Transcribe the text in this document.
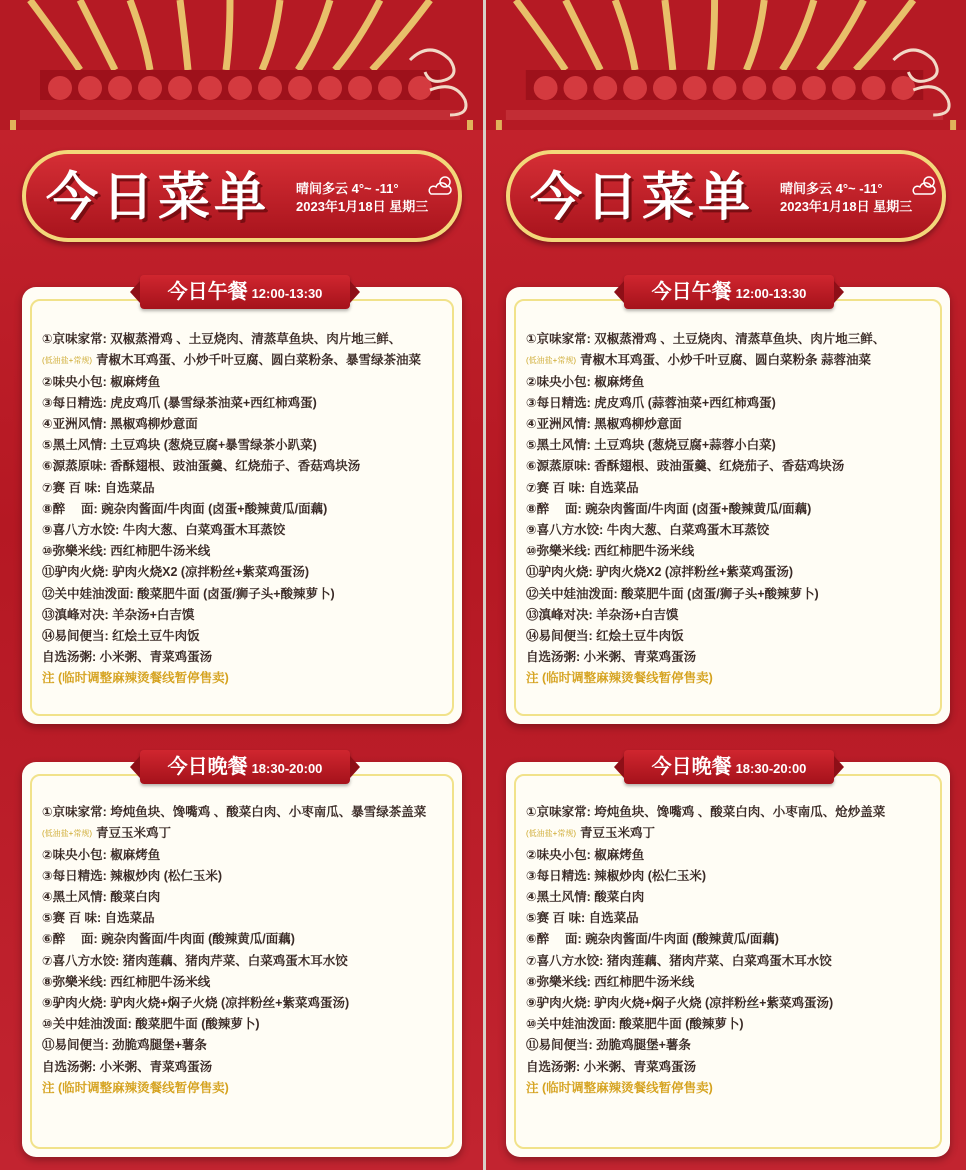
今日菜单 晴间多云 4°~ -11°
2023年1月18日 星期三
今日午餐 12:00-13:30
①京味家常: 双椒蒸滑鸡 、土豆烧肉、清蒸草鱼块、肉片地三鲜、
(低油盐+常规) 青椒木耳鸡蛋、小炒千叶豆腐、圆白菜粉条、暴雪绿茶油菜
②味央小包: 椒麻烤鱼
③每日精选: 虎皮鸡爪 (暴雪绿茶油菜+西红柿鸡蛋)
④亚洲风情: 黑椒鸡柳炒意面
⑤黑土风情: 土豆鸡块 (葱烧豆腐+暴雪绿茶小趴菜)
⑥源蒸原味: 香酥翅根、豉油蛋羹、红烧茄子、香菇鸡块汤
⑦赛 百 味: 自选菜品
⑧醉　 面: 豌杂肉酱面/牛肉面 (卤蛋+酸辣黄瓜/面藕)
⑨喜八方水饺: 牛肉大葱、白菜鸡蛋木耳蒸饺
⑩弥樂米线: 西红柿肥牛汤米线
⑪驴肉火烧: 驴肉火烧X2 (凉拌粉丝+紫菜鸡蛋汤)
⑫关中娃油泼面: 酸菜肥牛面 (卤蛋/狮子头+酸辣萝卜)
⑬滇峰对决: 羊杂汤+白吉馍
⑭易间便当: 红烩土豆牛肉饭
自选汤粥: 小米粥、青菜鸡蛋汤
注 (临时调整麻辣烫餐线暂停售卖)
今日晚餐 18:30-20:00
①京味家常: 垮炖鱼块、馋嘴鸡 、酸菜白肉、小枣南瓜、暴雪绿茶盖菜
(低油盐+常规) 青豆玉米鸡丁
②味央小包: 椒麻烤鱼
③每日精选: 辣椒炒肉 (松仁玉米)
④黑土风情: 酸菜白肉
⑤赛 百 味: 自选菜品
⑥醉　 面: 豌杂肉酱面/牛肉面 (酸辣黄瓜/面藕)
⑦喜八方水饺: 猪肉莲藕、猪肉芹菜、白菜鸡蛋木耳水饺
⑧弥樂米线: 西红柿肥牛汤米线
⑨驴肉火烧: 驴肉火烧+焖子火烧 (凉拌粉丝+紫菜鸡蛋汤)
⑩关中娃油泼面: 酸菜肥牛面 (酸辣萝卜)
⑪易间便当: 劲脆鸡腿堡+薯条
自选汤粥: 小米粥、青菜鸡蛋汤
注 (临时调整麻辣烫餐线暂停售卖)
今日菜单 晴间多云 4°~ -11°
2023年1月18日 星期三
今日午餐 12:00-13:30
①京味家常: 双椒蒸滑鸡 、土豆烧肉、清蒸草鱼块、肉片地三鲜、
(低油盐+常规) 青椒木耳鸡蛋、小炒千叶豆腐、圆白菜粉条 蒜蓉油菜
②味央小包: 椒麻烤鱼
③每日精选: 虎皮鸡爪 (蒜蓉油菜+西红柿鸡蛋)
④亚洲风情: 黑椒鸡柳炒意面
⑤黑土风情: 土豆鸡块 (葱烧豆腐+蒜蓉小白菜)
⑥源蒸原味: 香酥翅根、豉油蛋羹、红烧茄子、香菇鸡块汤
⑦赛 百 味: 自选菜品
⑧醉　 面: 豌杂肉酱面/牛肉面 (卤蛋+酸辣黄瓜/面藕)
⑨喜八方水饺: 牛肉大葱、白菜鸡蛋木耳蒸饺
⑩弥樂米线: 西红柿肥牛汤米线
⑪驴肉火烧: 驴肉火烧X2 (凉拌粉丝+紫菜鸡蛋汤)
⑫关中娃油泼面: 酸菜肥牛面 (卤蛋/狮子头+酸辣萝卜)
⑬滇峰对决: 羊杂汤+白吉馍
⑭易间便当: 红烩土豆牛肉饭
自选汤粥: 小米粥、青菜鸡蛋汤
注 (临时调整麻辣烫餐线暂停售卖)
今日晚餐 18:30-20:00
①京味家常: 垮炖鱼块、馋嘴鸡 、酸菜白肉、小枣南瓜、炝炒盖菜
(低油盐+常规) 青豆玉米鸡丁
②味央小包: 椒麻烤鱼
③每日精选: 辣椒炒肉 (松仁玉米)
④黑土风情: 酸菜白肉
⑤赛 百 味: 自选菜品
⑥醉　 面: 豌杂肉酱面/牛肉面 (酸辣黄瓜/面藕)
⑦喜八方水饺: 猪肉莲藕、猪肉芹菜、白菜鸡蛋木耳水饺
⑧弥樂米线: 西红柿肥牛汤米线
⑨驴肉火烧: 驴肉火烧+焖子火烧 (凉拌粉丝+紫菜鸡蛋汤)
⑩关中娃油泼面: 酸菜肥牛面 (酸辣萝卜)
⑪易间便当: 劲脆鸡腿堡+薯条
自选汤粥: 小米粥、青菜鸡蛋汤
注 (临时调整麻辣烫餐线暂停售卖)
